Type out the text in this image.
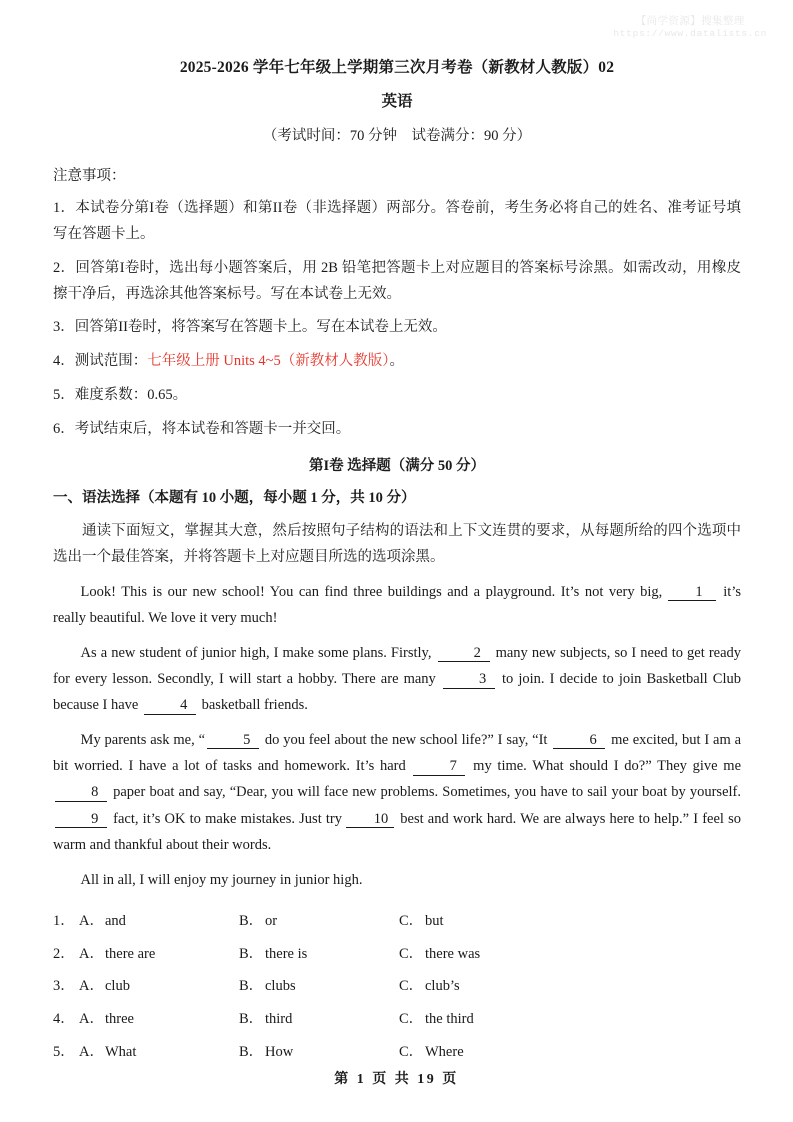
【尚学资源】搜集整理
https://www.datalists.cn
2025-2026 学年七年级上学期第三次月考卷（新教材人教版）02
英语

（考试时间：70 分钟　试卷满分：90 分）

注意事项：

1．本试卷分第I卷（选择题）和第II卷（非选择题）两部分。答卷前，考生务必将自己的姓名、准考证号填写在答题卡上。

2．回答第I卷时，选出每小题答案后，用 2B 铅笔把答题卡上对应题目的答案标号涂黑。如需改动，用橡皮擦干净后，再选涂其他答案标号。写在本试卷上无效。

3．回答第II卷时，将答案写在答题卡上。写在本试卷上无效。

4．测试范围：七年级上册 Units 4~5（新教材人教版）。

5．难度系数：0.65。

6．考试结束后，将本试卷和答题卡一并交回。

第I卷 选择题（满分 50 分）

一、语法选择（本题有 10 小题，每小题 1 分，共 10 分）

通读下面短文，掌握其大意，然后按照句子结构的语法和上下文连贯的要求，从每题所给的四个选项中选出一个最佳答案，并将答题卡上对应题目所选的选项涂黑。

Look! This is our new school! You can find three buildings and a playground. It’s not very big, 1 it’s really beautiful. We love it very much!

As a new student of junior high, I make some plans. Firstly,	2 many new subjects, so I need to get ready for every lesson. Secondly, I will start a hobby. There are many	3 to join. I decide to join Basketball Club because I have	4 basketball friends.

My parents ask me, “	5 do you feel about the new school life?” I say, “It	6 me excited, but I am a bit worried. I have a lot of tasks and homework. It’s hard	7 my time. What should I do?” They give me 8 paper boat and say, “Dear, you will face new problems. Sometimes, you have to sail your boat by yourself. 9 fact, it’s OK to make mistakes. Just try 10 best and work hard. We are always here to help.” I feel so warm and thankful about their words.

All in all, I will enjoy my journey in junior high.

1． A． and	B． or	C． but
2． A． there are	B． there is	C． there was
3． A． club	B． clubs	C． club’s
4． A． three	B． third	C． the third
5． A． What	B． How	C． Where
第 1 页 共 19 页
